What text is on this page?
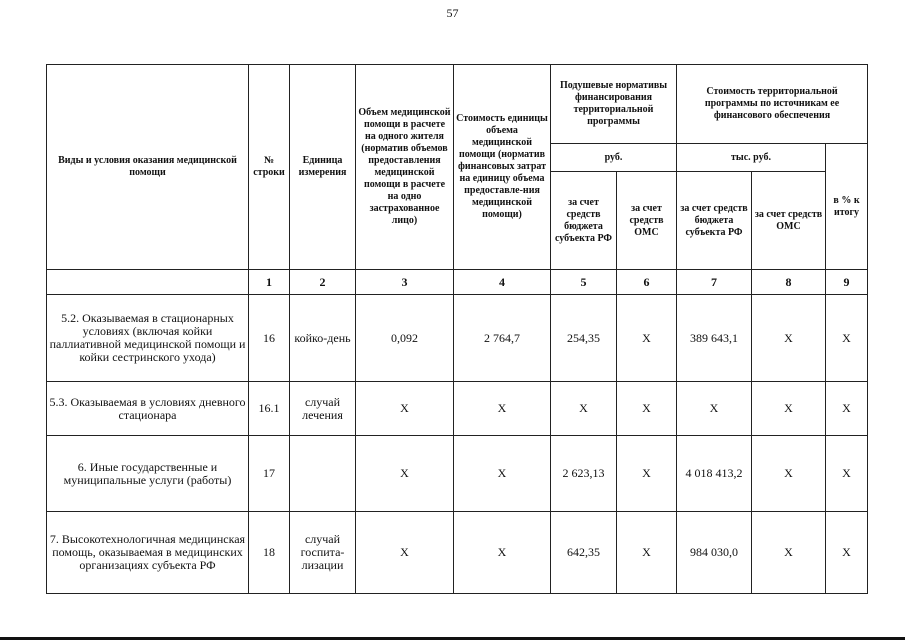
57
Виды и условия оказания медицинской помощи	№ строки	Единица измерения	Объем медицинской помощи в расчете на одного жителя (норматив объемов предоставления медицинской помощи в расчете на одно застрахованное лицо)	Стоимость единицы объема медицинской помощи (норматив финансовых затрат на единицу объема предоставле-ния медицинской помощи)	Подушевые нормативы финансирования территориальной программы		Стоимость территориальной программы по источникам ее финансового обеспечения		
					руб.		тыс. руб.		в % к итогу
					за счет средств бюджета субъекта РФ	за счет средств ОМС	за счет средств бюджета субъекта РФ	за счет средств ОМС	
	1	2	3	4	5	6	7	8	9
5.2. Оказываемая в стационарных условиях (включая койки паллиативной медицинской помощи и койки сестринского ухода)	16	койко-день	0,092	2 764,7	254,35	Х	389 643,1	Х	Х
5.3. Оказываемая в условиях дневного стационара	16.1	случай лечения	Х	Х	Х	Х	Х	Х	Х
6. Иные государственные и муниципальные услуги (работы)	17		Х	Х	2 623,13	Х	4 018 413,2	Х	Х
7. Высокотехнологичная медицинская помощь, оказываемая в медицинских организациях субъекта РФ	18	случай госпита-лизации	Х	Х	642,35	Х	984 030,0	Х	Х
